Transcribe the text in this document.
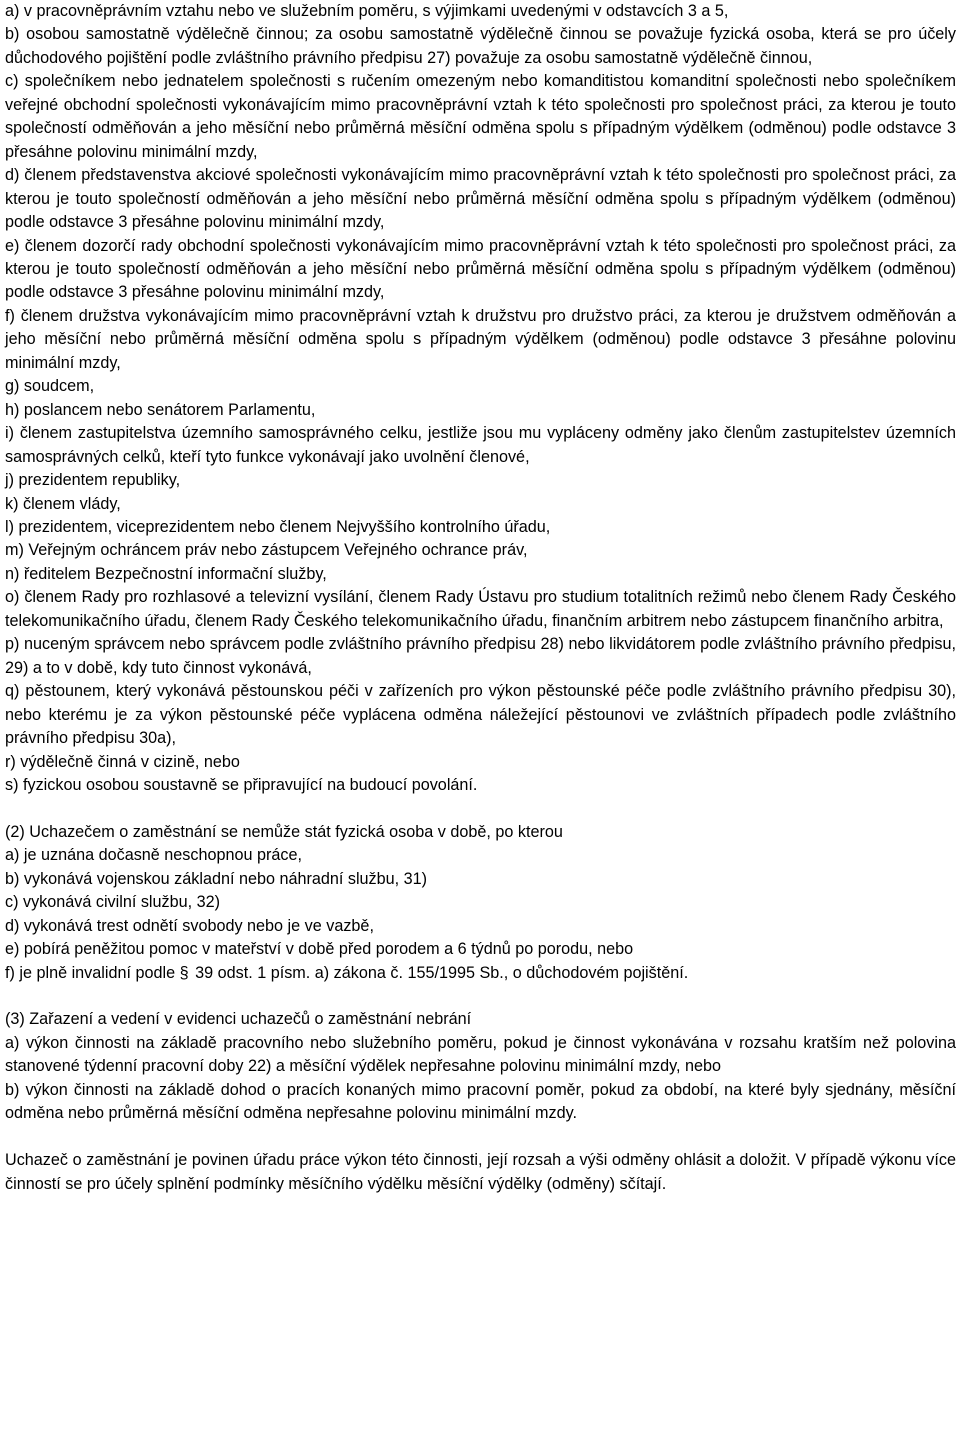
a) v pracovněprávním vztahu nebo ve služebním poměru, s výjimkami uvedenými v odstavcích 3 a 5,

b) osobou samostatně výdělečně činnou; za osobu samostatně výdělečně činnou se považuje fyzická osoba, která se pro účely důchodového pojištění podle zvláštního právního předpisu 27) považuje za osobu samostatně výdělečně činnou,

c) společníkem nebo jednatelem společnosti s ručením omezeným nebo komanditistou komanditní společnosti nebo společníkem veřejné obchodní společnosti vykonávajícím mimo pracovněprávní vztah k této společnosti pro společnost práci, za kterou je touto společností odměňován a jeho měsíční nebo průměrná měsíční odměna spolu s případným výdělkem (odměnou) podle odstavce 3 přesáhne polovinu minimální mzdy,

d) členem představenstva akciové společnosti vykonávajícím mimo pracovněprávní vztah k této společnosti pro společnost práci, za kterou je touto společností odměňován a jeho měsíční nebo průměrná měsíční odměna spolu s případným výdělkem (odměnou) podle odstavce 3 přesáhne polovinu minimální mzdy,

e) členem dozorčí rady obchodní společnosti vykonávajícím mimo pracovněprávní vztah k této společnosti pro společnost práci, za kterou je touto společností odměňován a jeho měsíční nebo průměrná měsíční odměna spolu s případným výdělkem (odměnou) podle odstavce 3 přesáhne polovinu minimální mzdy,

f) členem družstva vykonávajícím mimo pracovněprávní vztah k družstvu pro družstvo práci, za kterou je družstvem odměňován a jeho měsíční nebo průměrná měsíční odměna spolu s případným výdělkem (odměnou) podle odstavce 3 přesáhne polovinu minimální mzdy,

g) soudcem,

h) poslancem nebo senátorem Parlamentu,

i) členem zastupitelstva územního samosprávného celku, jestliže jsou mu vypláceny odměny jako členům zastupitelstev územních samosprávných celků, kteří tyto funkce vykonávají jako uvolnění členové,

j) prezidentem republiky,

k) členem vlády,

l) prezidentem, viceprezidentem nebo členem Nejvyššího kontrolního úřadu,

m) Veřejným ochráncem práv nebo zástupcem Veřejného ochrance práv,

n) ředitelem Bezpečnostní informační služby,

o) členem Rady pro rozhlasové a televizní vysílání, členem Rady Ústavu pro studium totalitních režimů nebo členem Rady Českého telekomunikačního úřadu, členem Rady Českého telekomunikačního úřadu, finančním arbitrem nebo zástupcem finančního arbitra,

p) nuceným správcem nebo správcem podle zvláštního právního předpisu 28) nebo likvidátorem podle zvláštního právního předpisu, 29) a to v době, kdy tuto činnost vykonává,

q) pěstounem, který vykonává pěstounskou péči v zařízeních pro výkon pěstounské péče podle zvláštního právního předpisu 30), nebo kterému je za výkon pěstounské péče vyplácena odměna náležející pěstounovi ve zvláštních případech podle zvláštního právního předpisu 30a),

r) výdělečně činná v cizině, nebo

s) fyzickou osobou soustavně se připravující na budoucí povolání.

(2) Uchazečem o zaměstnání se nemůže stát fyzická osoba v době, po kterou

a) je uznána dočasně neschopnou práce,

b) vykonává vojenskou základní nebo náhradní službu, 31)

c) vykonává civilní službu, 32)

d) vykonává trest odnětí svobody nebo je ve vazbě,

e) pobírá peněžitou pomoc v mateřství v době před porodem a 6 týdnů po porodu, nebo

f) je plně invalidní podle § 39 odst. 1 písm. a) zákona č. 155/1995 Sb., o důchodovém pojištění.

(3) Zařazení a vedení v evidenci uchazečů o zaměstnání nebrání

a) výkon činnosti na základě pracovního nebo služebního poměru, pokud je činnost vykonávána v rozsahu kratším než polovina stanovené týdenní pracovní doby 22) a měsíční výdělek nepřesahne polovinu minimální mzdy, nebo

b) výkon činnosti na základě dohod o pracích konaných mimo pracovní poměr, pokud za období, na které byly sjednány, měsíční odměna nebo průměrná měsíční odměna nepřesahne polovinu minimální mzdy.

Uchazeč o zaměstnání je povinen úřadu práce výkon této činnosti, její rozsah a výši odměny ohlásit a doložit. V případě výkonu více činností se pro účely splnění podmínky měsíčního výdělku měsíční výdělky (odměny) sčítají.
